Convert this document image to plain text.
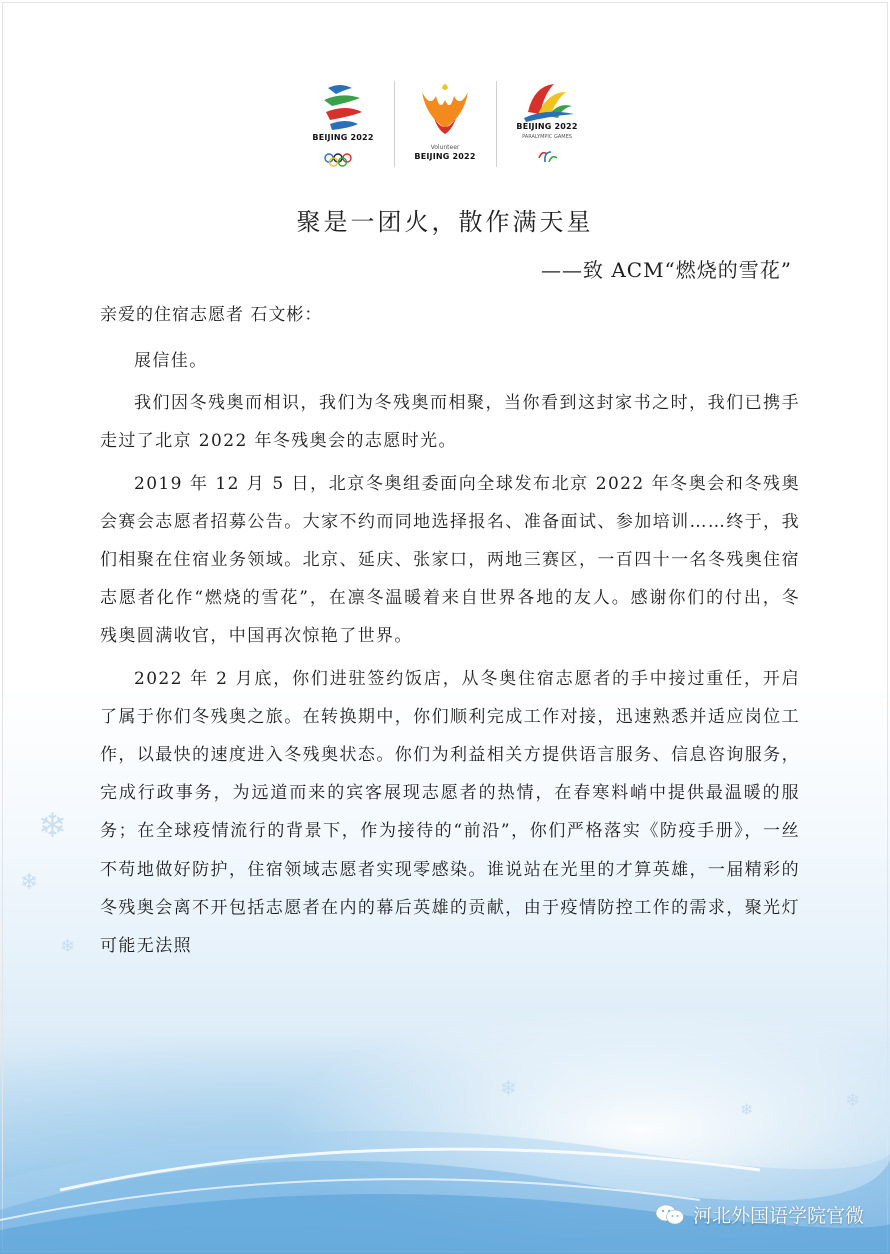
BEIJING 2022
Volunteer
BEIJING 2022
BEIJING 2022
PARALYMPIC GAMES
聚是一团火，散作满天星
——致 ACM“燃烧的雪花”
亲爱的住宿志愿者 石文彬：

展信佳。

我们因冬残奥而相识，我们为冬残奥而相聚，当你看到这封家书之时，我们已携手走过了北京 2022 年冬残奥会的志愿时光。

2019 年 12 月 5 日，北京冬奥组委面向全球发布北京 2022 年冬奥会和冬残奥会赛会志愿者招募公告。大家不约而同地选择报名、准备面试、参加培训……终于，我们相聚在住宿业务领域。北京、延庆、张家口，两地三赛区，一百四十一名冬残奥住宿志愿者化作“燃烧的雪花”，在凛冬温暖着来自世界各地的友人。感谢你们的付出，冬残奥圆满收官，中国再次惊艳了世界。

2022 年 2 月底，你们进驻签约饭店，从冬奥住宿志愿者的手中接过重任，开启了属于你们冬残奥之旅。在转换期中，你们顺利完成工作对接，迅速熟悉并适应岗位工作，以最快的速度进入冬残奥状态。你们为利益相关方提供语言服务、信息咨询服务，完成行政事务，为远道而来的宾客展现志愿者的热情，在春寒料峭中提供最温暖的服务；在全球疫情流行的背景下，作为接待的“前沿”，你们严格落实《防疫手册》，一丝不苟地做好防护，住宿领域志愿者实现零感染。谁说站在光里的才算英雄，一届精彩的冬残奥会离不开包括志愿者在内的幕后英雄的贡献，由于疫情防控工作的需求，聚光灯可能无法照

❄
❄
❄
❄
❄
❄
河北外国语学院官微
